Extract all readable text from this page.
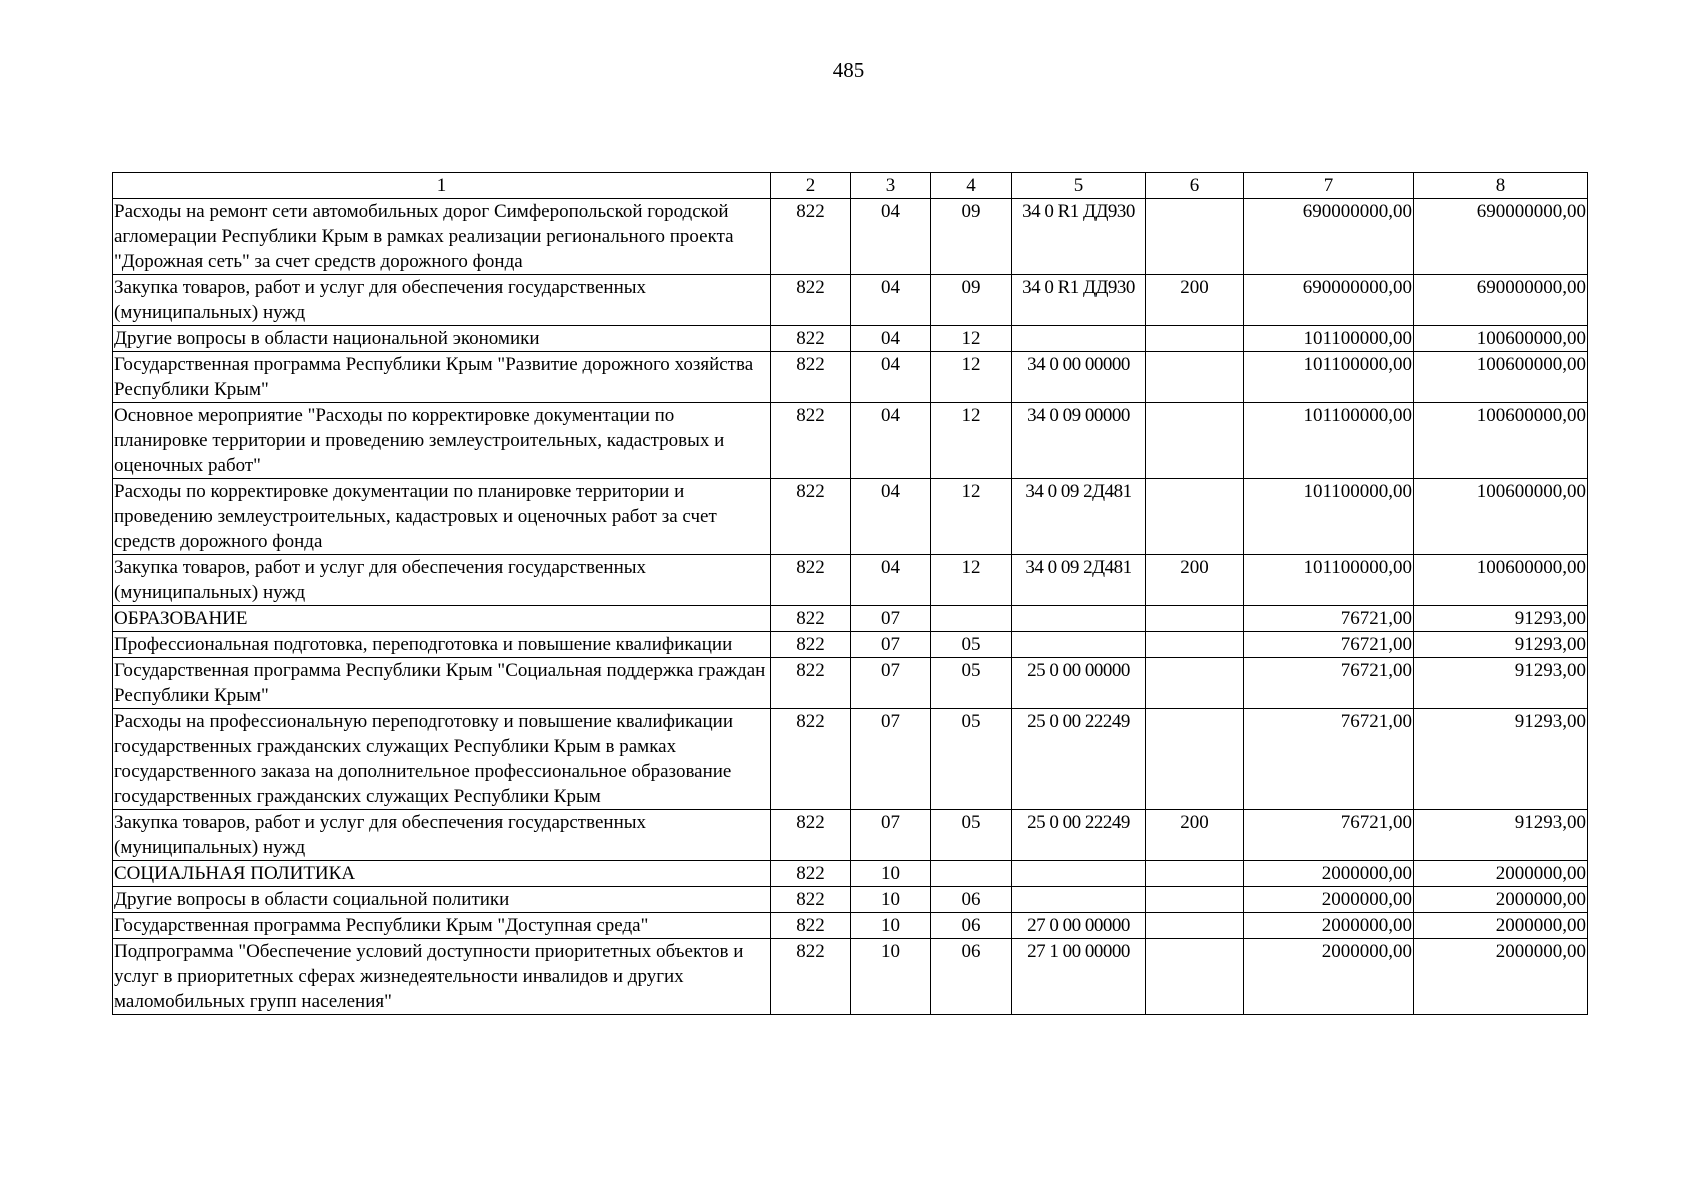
485
1	2	3	4	5	6	7	8
Расходы на ремонт сети автомобильных дорог Симферопольской городской агломерации Республики Крым в рамках реализации регионального проекта "Дорожная сеть" за счет средств дорожного фонда	822	04	09	34 0 R1 ДД930		690000000,00	690000000,00
Закупка товаров, работ и услуг для обеспечения государственных (муниципальных) нужд	822	04	09	34 0 R1 ДД930	200	690000000,00	690000000,00
Другие вопросы в области национальной экономики	822	04	12			101100000,00	100600000,00
Государственная программа Республики Крым "Развитие дорожного хозяйства Республики Крым"	822	04	12	34 0 00 00000		101100000,00	100600000,00
Основное мероприятие "Расходы по корректировке документации по планировке территории и проведению землеустроительных, кадастровых и оценочных работ"	822	04	12	34 0 09 00000		101100000,00	100600000,00
Расходы по корректировке документации по планировке территории и проведению землеустроительных, кадастровых и оценочных работ за счет средств дорожного фонда	822	04	12	34 0 09 2Д481		101100000,00	100600000,00
Закупка товаров, работ и услуг для обеспечения государственных (муниципальных) нужд	822	04	12	34 0 09 2Д481	200	101100000,00	100600000,00
ОБРАЗОВАНИЕ	822	07				76721,00	91293,00
Профессиональная подготовка, переподготовка и повышение квалификации	822	07	05			76721,00	91293,00
Государственная программа Республики Крым "Социальная поддержка граждан Республики Крым"	822	07	05	25 0 00 00000		76721,00	91293,00
Расходы на профессиональную переподготовку и повышение квалификации государственных гражданских служащих Республики Крым в рамках государственного заказа на дополнительное профессиональное образование государственных гражданских служащих Республики Крым	822	07	05	25 0 00 22249		76721,00	91293,00
Закупка товаров, работ и услуг для обеспечения государственных (муниципальных) нужд	822	07	05	25 0 00 22249	200	76721,00	91293,00
СОЦИАЛЬНАЯ ПОЛИТИКА	822	10				2000000,00	2000000,00
Другие вопросы в области социальной политики	822	10	06			2000000,00	2000000,00
Государственная программа Республики Крым "Доступная среда"	822	10	06	27 0 00 00000		2000000,00	2000000,00
Подпрограмма "Обеспечение условий доступности приоритетных объектов и услуг в приоритетных сферах жизнедеятельности инвалидов и других маломобильных групп населения"	822	10	06	27 1 00 00000		2000000,00	2000000,00
